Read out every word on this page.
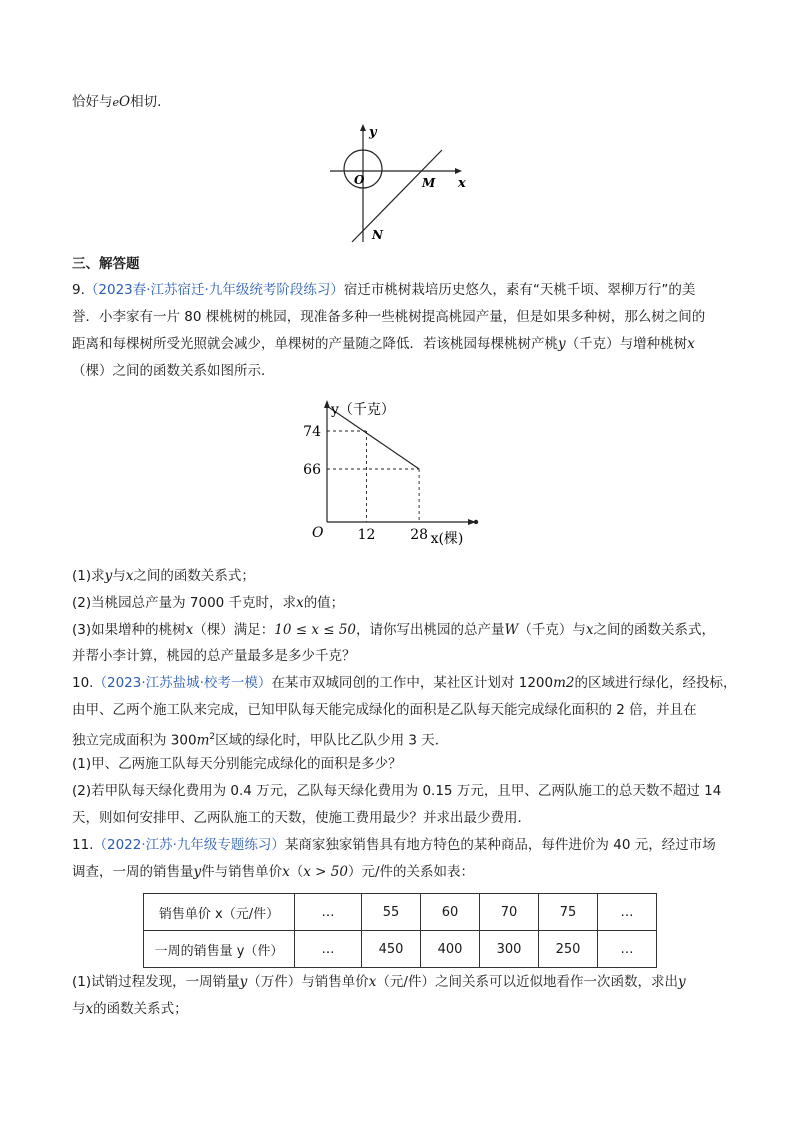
恰好与eO相切.
y
O	M x
N
三、解答题
9.（2023春·江苏宿迁·九年级统考阶段练习）宿迁市桃树栽培历史悠久，素有“天桃千顷、翠柳万行”的美
誉．小李家有一片 80 棵桃树的桃园，现准备多种一些桃树提高桃园产量，但是如果多种树，那么树之间的
距离和每棵树所受光照就会减少，单棵树的产量随之降低．若该桃园每棵桃树产桃y（千克）与增种桃树x
（棵）之间的函数关系如图所示．
12 28
74
66
O
y（千克）
x(棵)
(1)求y与x之间的函数关系式；
(2)当桃园总产量为 7000 千克时，求x的值；
(3)如果增种的桃树x（棵）满足：10 ≤ x ≤ 50，请你写出桃园的总产量W（千克）与x之间的函数关系式，
并帮小李计算，桃园的总产量最多是多少千克？
10.（2023·江苏盐城·校考一模）在某市双城同创的工作中，某社区计划对 1200m2的区域进行绿化，经投标，
由甲、乙两个施工队来完成，已知甲队每天能完成绿化的面积是乙队每天能完成绿化面积的 2 倍，并且在
独立完成面积为 $300m^2$区域的绿化时，甲队比乙队少用 3 天．
(1)甲、乙两施工队每天分别能完成绿化的面积是多少？
(2)若甲队每天绿化费用为 0.4 万元，乙队每天绿化费用为 0.15 万元，且甲、乙两队施工的总天数不超过 14
天，则如何安排甲、乙两队施工的天数，使施工费用最少？并求出最少费用．
11.（2022·江苏·九年级专题练习）某商家独家销售具有地方特色的某种商品，每件进价为 40 元，经过市场
调查，一周的销售量y件与销售单价x（x > 50）元/件的关系如表：
销售单价 x（元/件）	…	55	60	70	75	…
一周的销售量 y（件）	…	450	400	300	250	…
(1)试销过程发现，一周销量y（万件）与销售单价x（元/件）之间关系可以近似地看作一次函数，求出y
与x的函数关系式；
